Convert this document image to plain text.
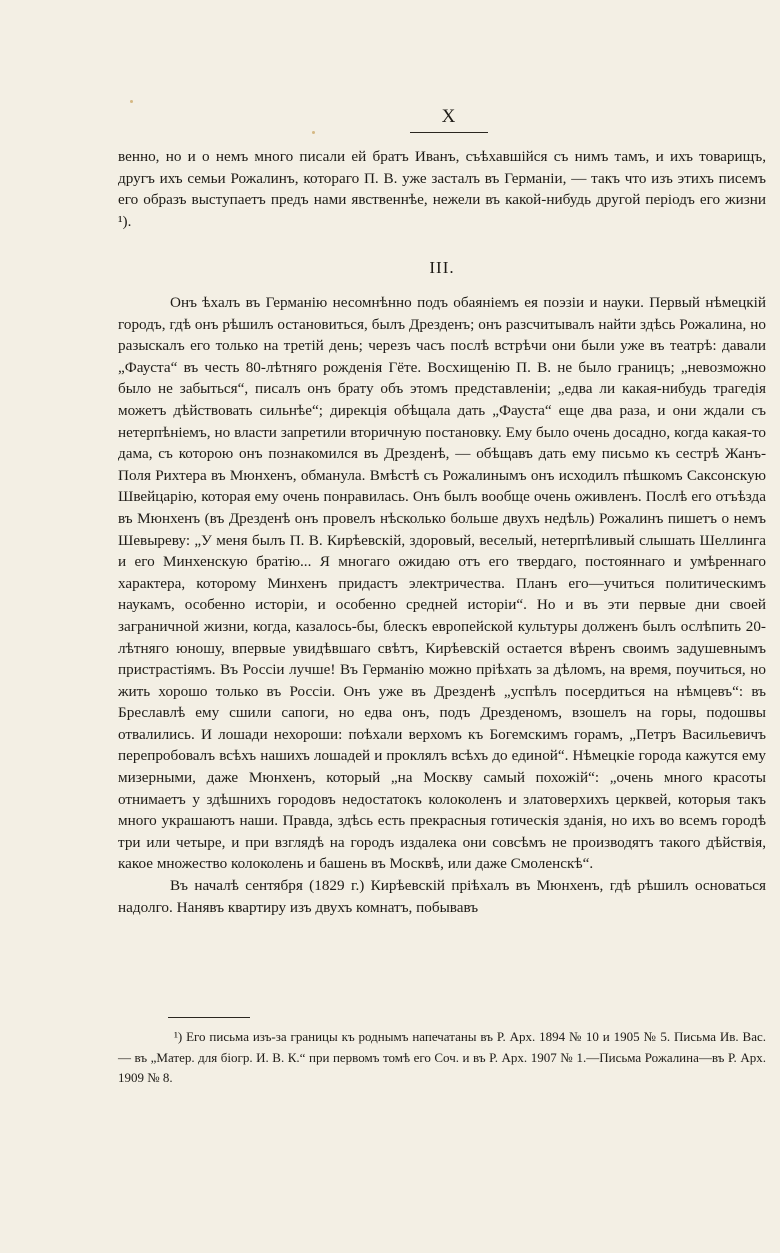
X

венно, но и о немъ много писали ей братъ Иванъ, съѣхавшійся съ нимъ тамъ, и ихъ товарищъ, другъ ихъ семьи Рожалинъ, котораго П. В. уже засталъ въ Германіи, — такъ что изъ этихъ писемъ его образъ выступаетъ предъ нами явственнѣе, нежели въ какой-нибудь другой періодъ его жизни ¹).

III.

Онъ ѣхалъ въ Германію несомнѣнно подъ обаяніемъ ея поэзіи и науки. Первый нѣмецкій городъ, гдѣ онъ рѣшилъ остановиться, былъ Дрезденъ; онъ разсчитывалъ найти здѣсь Рожалина, но разыскалъ его только на третій день; черезъ часъ послѣ встрѣчи они были уже въ театрѣ: давали „Фауста“ въ честь 80-лѣтняго рожденія Гёте. Восхищенію П. В. не было границъ; „невозможно было не забыться“, писалъ онъ брату объ этомъ представленіи; „едва ли какая-нибудь трагедія можетъ дѣйствовать сильнѣе“; дирекція обѣщала дать „Фауста“ еще два раза, и они ждали съ нетерпѣніемъ, но власти запретили вторичную постановку. Ему было очень досадно, когда какая-то дама, съ которою онъ познакомился въ Дрезденѣ, — обѣщавъ дать ему письмо къ сестрѣ Жанъ-Поля Рихтера въ Мюнхенъ, обманула. Вмѣстѣ съ Рожалинымъ онъ исходилъ пѣшкомъ Саксонскую Швейцарію, которая ему очень понравилась. Онъ былъ вообще очень оживленъ. Послѣ его отъѣзда въ Мюнхенъ (въ Дрезденѣ онъ провелъ нѣсколько больше двухъ недѣль) Рожалинъ пишетъ о немъ Шевыреву: „У меня былъ П. В. Кирѣевскій, здоровый, веселый, нетерпѣливый слышать Шеллинга и его Минхенскую братію... Я многаго ожидаю отъ его твердаго, постояннаго и умѣреннаго характера, которому Минхенъ придастъ электричества. Планъ его—учиться политическимъ наукамъ, особенно исторіи, и особенно средней исторіи“. Но и въ эти первые дни своей заграничной жизни, когда, казалось-бы, блескъ европейской культуры долженъ былъ ослѣпить 20-лѣтняго юношу, впервые увидѣвшаго свѣтъ, Кирѣевскій остается вѣренъ своимъ задушевнымъ пристрастіямъ. Въ Россіи лучше! Въ Германію можно пріѣхать за дѣломъ, на время, поучиться, но жить хорошо только въ Россіи. Онъ уже въ Дрезденѣ „успѣлъ посердиться на нѣмцевъ“: въ Бреславлѣ ему сшили сапоги, но едва онъ, подъ Дрезденомъ, взошелъ на горы, подошвы отвалились. И лошади нехороши: поѣхали верхомъ къ Богемскимъ горамъ, „Петръ Васильевичъ перепробовалъ всѣхъ нашихъ лошадей и проклялъ всѣхъ до единой“. Нѣмецкіе города кажутся ему мизерными, даже Мюнхенъ, который „на Москву самый похожій“: „очень много красоты отнимаетъ у здѣшнихъ городовъ недостатокъ колоколенъ и златоверхихъ церквей, которыя такъ много украшаютъ наши. Правда, здѣсь есть прекрасныя готическія зданія, но ихъ во всемъ городѣ три или четыре, и при взглядѣ на городъ издалека они совсѣмъ не производятъ такого дѣйствія, какое множество колоколень и башень въ Москвѣ, или даже Смоленскѣ“.

Въ началѣ сентября (1829 г.) Кирѣевскій пріѣхалъ въ Мюнхенъ, гдѣ рѣшилъ основаться надолго. Нанявъ квартиру изъ двухъ комнатъ, побывавъ

¹) Его письма изъ-за границы къ роднымъ напечатаны въ Р. Арх. 1894 № 10 и 1905 № 5. Письма Ив. Вас. — въ „Матер. для біогр. И. В. К.“ при первомъ томѣ его Соч. и въ Р. Арх. 1907 № 1.—Письма Рожалина—въ Р. Арх. 1909 № 8.
